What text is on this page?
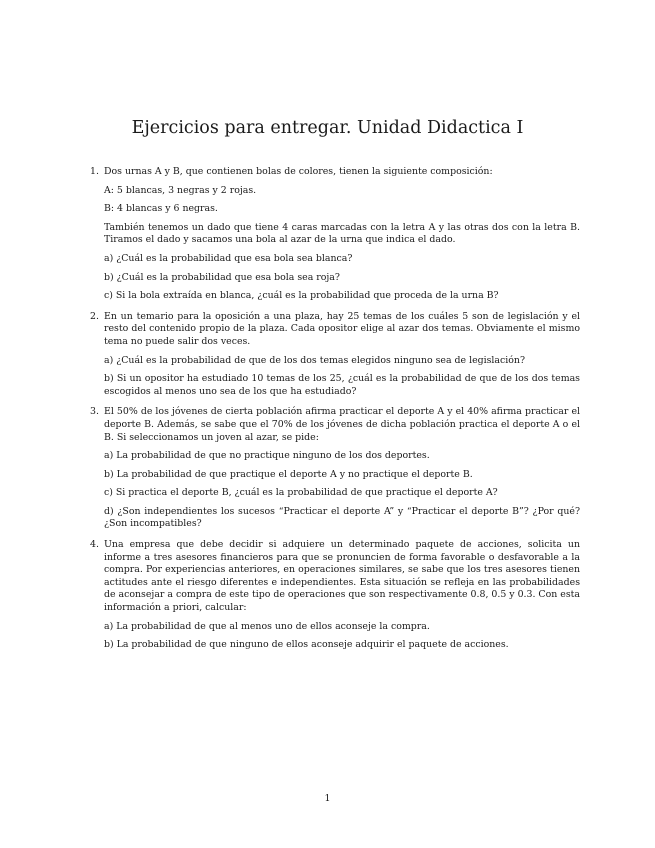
Ejercicios para entregar. Unidad Didactica I
1. Dos urnas A y B, que contienen bolas de colores, tienen la siguiente composición:

A: 5 blancas, 3 negras y 2 rojas.

B: 4 blancas y 6 negras.

También tenemos un dado que tiene 4 caras marcadas con la letra A y las otras dos con la letra B. Tiramos el dado y sacamos una bola al azar de la urna que indica el dado.

a) ¿Cuál es la probabilidad que esa bola sea blanca?

b) ¿Cuál es la probabilidad que esa bola sea roja?

c) Si la bola extraída en blanca, ¿cuál es la probabilidad que proceda de la urna B?

2. En un temario para la oposición a una plaza, hay 25 temas de los cuáles 5 son de legislación y el resto del contenido propio de la plaza. Cada opositor elige al azar dos temas. Obviamente el mismo tema no puede salir dos veces.

a) ¿Cuál es la probabilidad de que de los dos temas elegidos ninguno sea de legislación?

b) Si un opositor ha estudiado 10 temas de los 25, ¿cuál es la probabilidad de que de los dos temas escogidos al menos uno sea de los que ha estudiado?

3. El 50% de los jóvenes de cierta población afirma practicar el deporte A y el 40% afirma practicar el deporte B. Además, se sabe que el 70% de los jóvenes de dicha población practica el deporte A o el B. Si seleccionamos un joven al azar, se pide:

a) La probabilidad de que no practique ninguno de los dos deportes.

b) La probabilidad de que practique el deporte A y no practique el deporte B.

c) Si practica el deporte B, ¿cuál es la probabilidad de que practique el deporte A?

d) ¿Son independientes los sucesos “Practicar el deporte A” y “Practicar el deporte B”? ¿Por qué? ¿Son incompatibles?

4. Una empresa que debe decidir si adquiere un determinado paquete de acciones, solicita un informe a tres asesores financieros para que se pronuncien de forma favorable o desfavorable a la compra. Por experiencias anteriores, en operaciones similares, se sabe que los tres asesores tienen actitudes ante el riesgo diferentes e independientes. Esta situación se refleja en las probabilidades de aconsejar a compra de este tipo de operaciones que son respectivamente 0.8, 0.5 y 0.3. Con esta información a priori, calcular:

a) La probabilidad de que al menos uno de ellos aconseje la compra.

b) La probabilidad de que ninguno de ellos aconseje adquirir el paquete de acciones.

1
